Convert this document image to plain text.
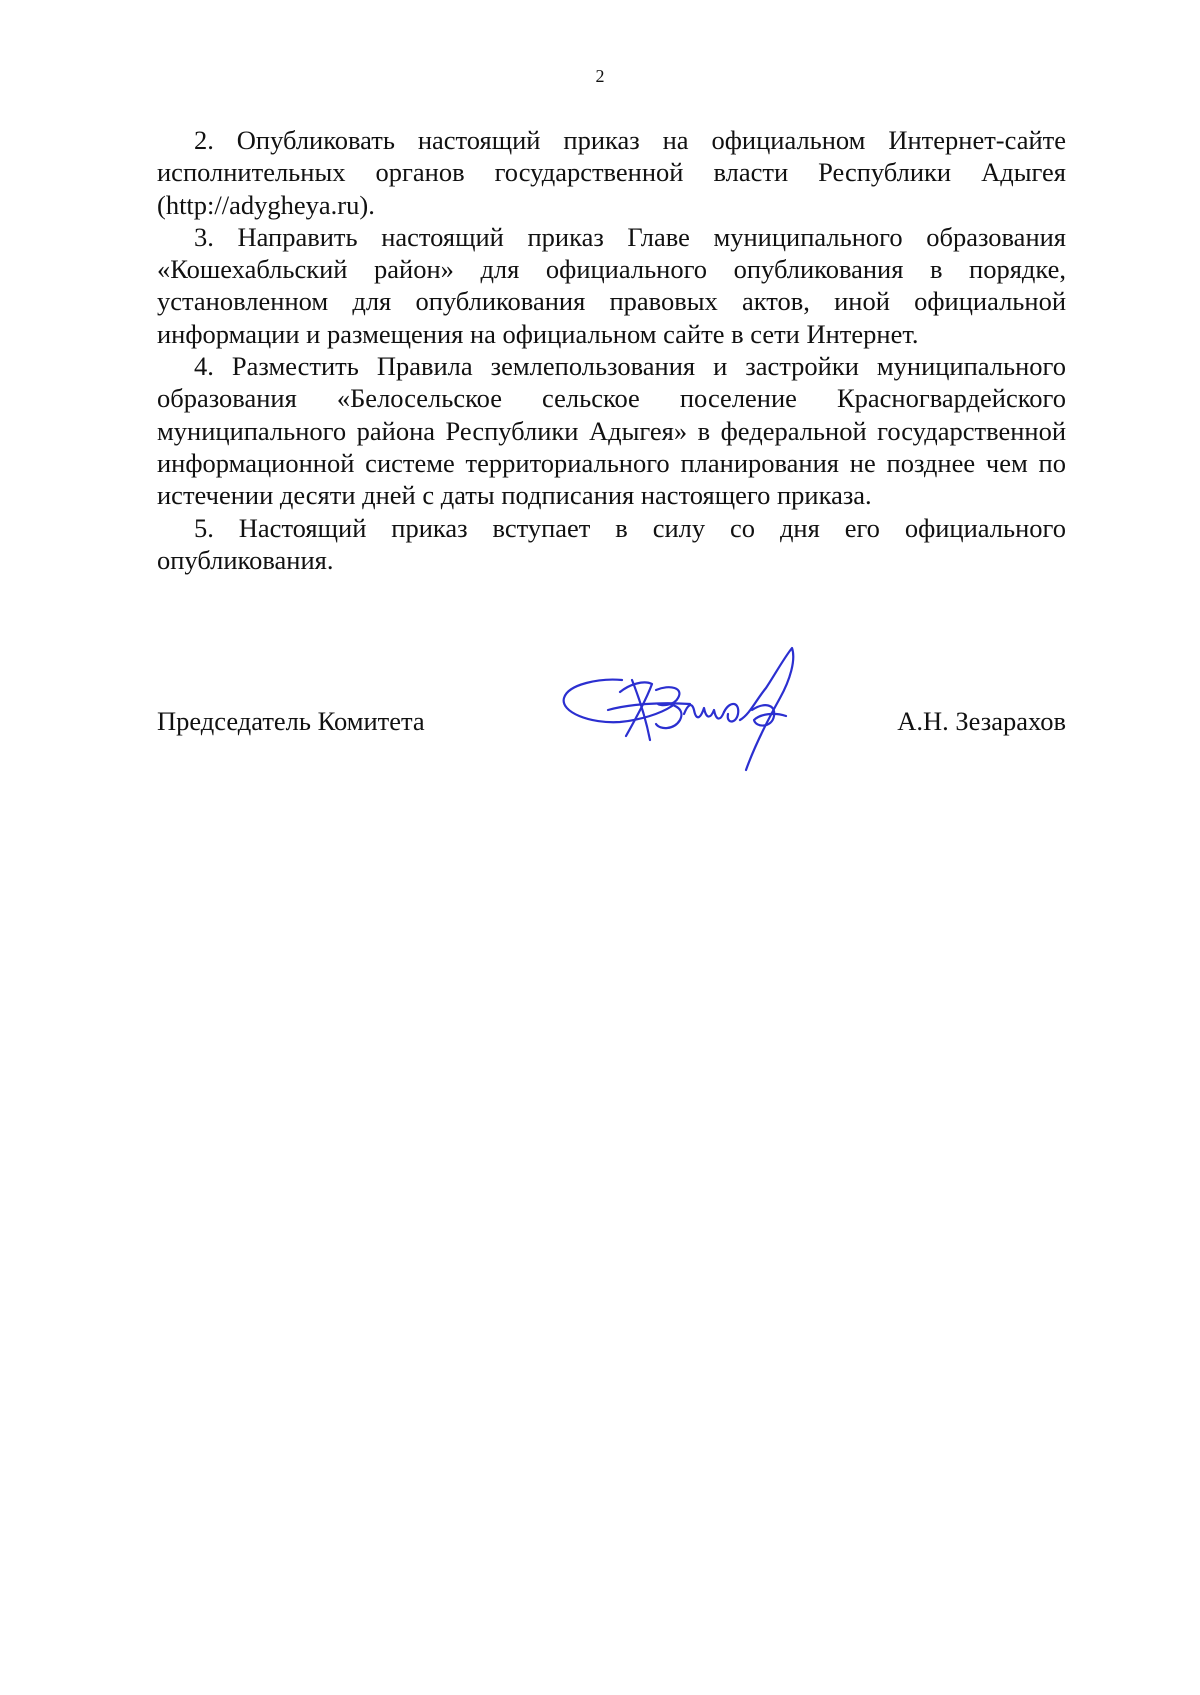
2

2. Опубликовать настоящий приказ на официальном Интернет-сайте исполнительных органов государственной власти Республики Адыгея (http://adygheya.ru).

3. Направить настоящий приказ Главе муниципального образования «Кошехабльский район» для официального опубликования в порядке, установленном для опубликования правовых актов, иной официальной информации и размещения на официальном сайте в сети Интернет.

4. Разместить Правила землепользования и застройки муниципального образования «Белосельское сельское поселение Красногвардейского муниципального района Республики Адыгея» в федеральной государственной информационной системе территориального планирования не позднее чем по истечении десяти дней с даты подписания настоящего приказа.

5. Настоящий приказ вступает в силу со дня его официального опубликования.

Председатель Комитета	А.Н. Зезарахов
